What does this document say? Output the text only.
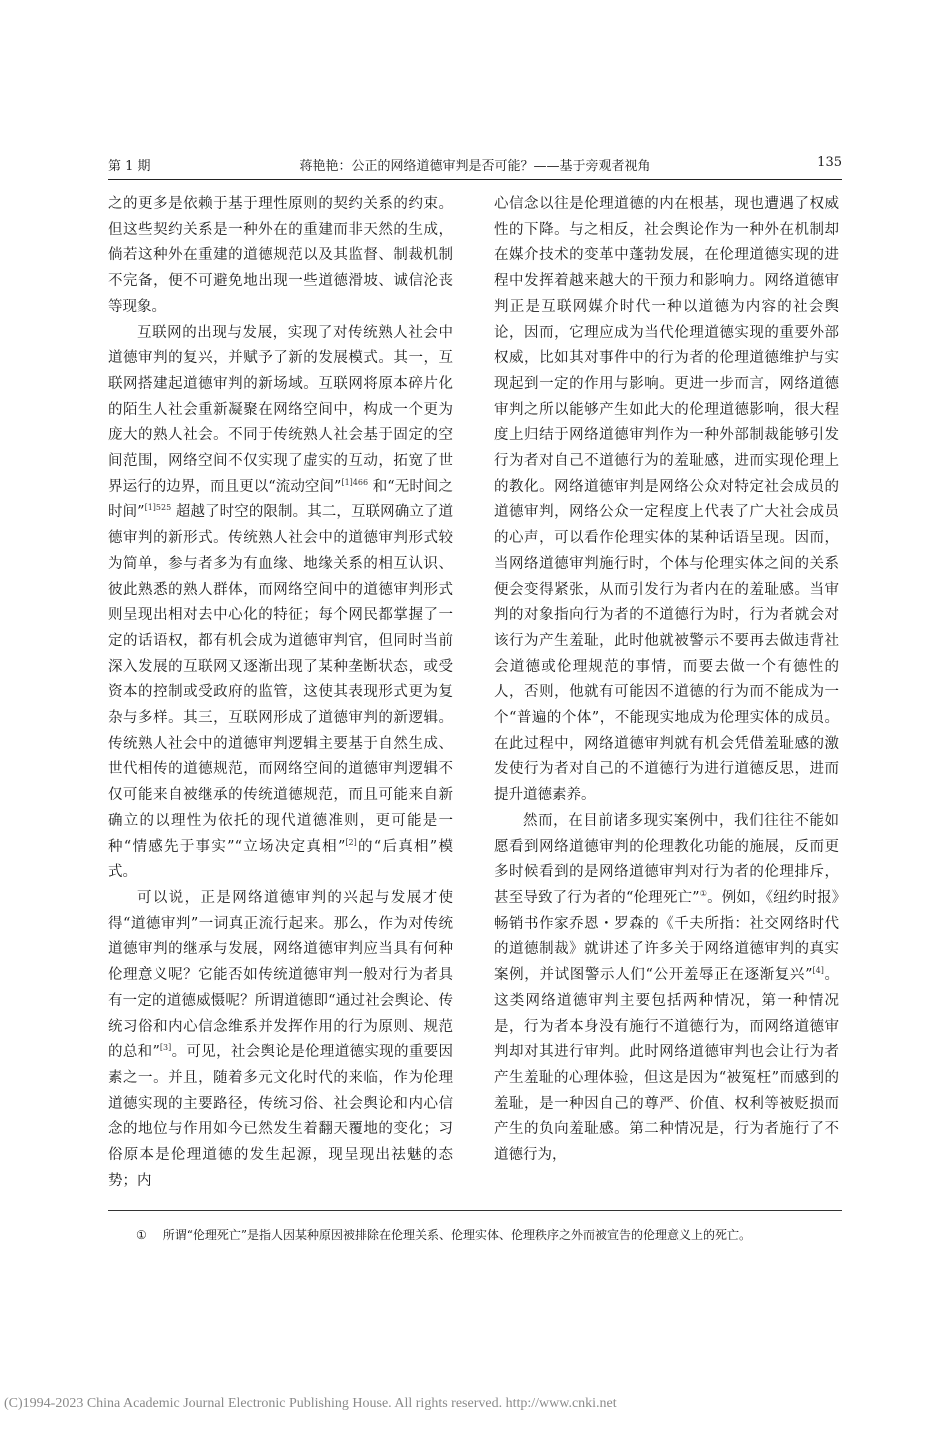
第 1 期	蒋艳艳：公正的网络道德审判是否可能？——基于旁观者视角	135

之的更多是依赖于基于理性原则的契约关系的约束。但这些契约关系是一种外在的重建而非天然的生成，倘若这种外在重建的道德规范以及其监督、制裁机制不完备，便不可避免地出现一些道德滑坡、诚信沦丧等现象。

互联网的出现与发展，实现了对传统熟人社会中道德审判的复兴，并赋予了新的发展模式。其一，互联网搭建起道德审判的新场域。互联网将原本碎片化的陌生人社会重新凝聚在网络空间中，构成一个更为庞大的熟人社会。不同于传统熟人社会基于固定的空间范围，网络空间不仅实现了虚实的互动，拓宽了世界运行的边界，而且更以“流动空间”$^{[1]466}$ 和“无时间之时间”$^{[1]525}$ 超越了时空的限制。其二，互联网确立了道德审判的新形式。传统熟人社会中的道德审判形式较为简单，参与者多为有血缘、地缘关系的相互认识、彼此熟悉的熟人群体，而网络空间中的道德审判形式则呈现出相对去中心化的特征；每个网民都掌握了一定的话语权，都有机会成为道德审判官，但同时当前深入发展的互联网又逐渐出现了某种垄断状态，或受资本的控制或受政府的监管，这使其表现形式更为复杂与多样。其三，互联网形成了道德审判的新逻辑。传统熟人社会中的道德审判逻辑主要基于自然生成、世代相传的道德规范，而网络空间的道德审判逻辑不仅可能来自被继承的传统道德规范，而且可能来自新确立的以理性为依托的现代道德准则，更可能是一种“情感先于事实”“立场决定真相”[2]的“后真相”模式。

可以说，正是网络道德审判的兴起与发展才使得“道德审判”一词真正流行起来。那么，作为对传统道德审判的继承与发展，网络道德审判应当具有何种伦理意义呢？它能否如传统道德审判一般对行为者具有一定的道德威慑呢？所谓道德即“通过社会舆论、传统习俗和内心信念维系并发挥作用的行为原则、规范的总和”[3]。可见，社会舆论是伦理道德实现的重要因素之一。并且，随着多元文化时代的来临，作为伦理道德实现的主要路径，传统习俗、社会舆论和内心信念的地位与作用如今已然发生着翻天覆地的变化；习俗原本是伦理道德的发生起源，现呈现出祛魅的态势；内

心信念以往是伦理道德的内在根基，现也遭遇了权威性的下降。与之相反，社会舆论作为一种外在机制却在媒介技术的变革中蓬勃发展，在伦理道德实现的进程中发挥着越来越大的干预力和影响力。网络道德审判正是互联网媒介时代一种以道德为内容的社会舆论，因而，它理应成为当代伦理道德实现的重要外部权威，比如其对事件中的行为者的伦理道德维护与实现起到一定的作用与影响。更进一步而言，网络道德审判之所以能够产生如此大的伦理道德影响，很大程度上归结于网络道德审判作为一种外部制裁能够引发行为者对自己不道德行为的羞耻感，进而实现伦理上的教化。网络道德审判是网络公众对特定社会成员的道德审判，网络公众一定程度上代表了广大社会成员的心声，可以看作伦理实体的某种话语呈现。因而，当网络道德审判施行时，个体与伦理实体之间的关系便会变得紧张，从而引发行为者内在的羞耻感。当审判的对象指向行为者的不道德行为时，行为者就会对该行为产生羞耻，此时他就被警示不要再去做违背社会道德或伦理规范的事情，而要去做一个有德性的人，否则，他就有可能因不道德的行为而不能成为一个“普遍的个体”，不能现实地成为伦理实体的成员。在此过程中，网络道德审判就有机会凭借羞耻感的激发使行为者对自己的不道德行为进行道德反思，进而提升道德素养。

然而，在目前诸多现实案例中，我们往往不能如愿看到网络道德审判的伦理教化功能的施展，反而更多时候看到的是网络道德审判对行为者的伦理排斥，甚至导致了行为者的“伦理死亡”①。例如，《纽约时报》畅销书作家乔恩・罗森的《千夫所指：社交网络时代的道德制裁》就讲述了许多关于网络道德审判的真实案例，并试图警示人们“公开羞辱正在逐渐复兴”[4]。这类网络道德审判主要包括两种情况，第一种情况是，行为者本身没有施行不道德行为，而网络道德审判却对其进行审判。此时网络道德审判也会让行为者产生羞耻的心理体验，但这是因为“被冤枉”而感到的羞耻，是一种因自己的尊严、价值、权利等被贬损而产生的负向羞耻感。第二种情况是，行为者施行了不道德行为，

① 所谓“伦理死亡”是指人因某种原因被排除在伦理关系、伦理实体、伦理秩序之外而被宣告的伦理意义上的死亡。
(C)1994-2023 China Academic Journal Electronic Publishing House. All rights reserved. http://www.cnki.net
